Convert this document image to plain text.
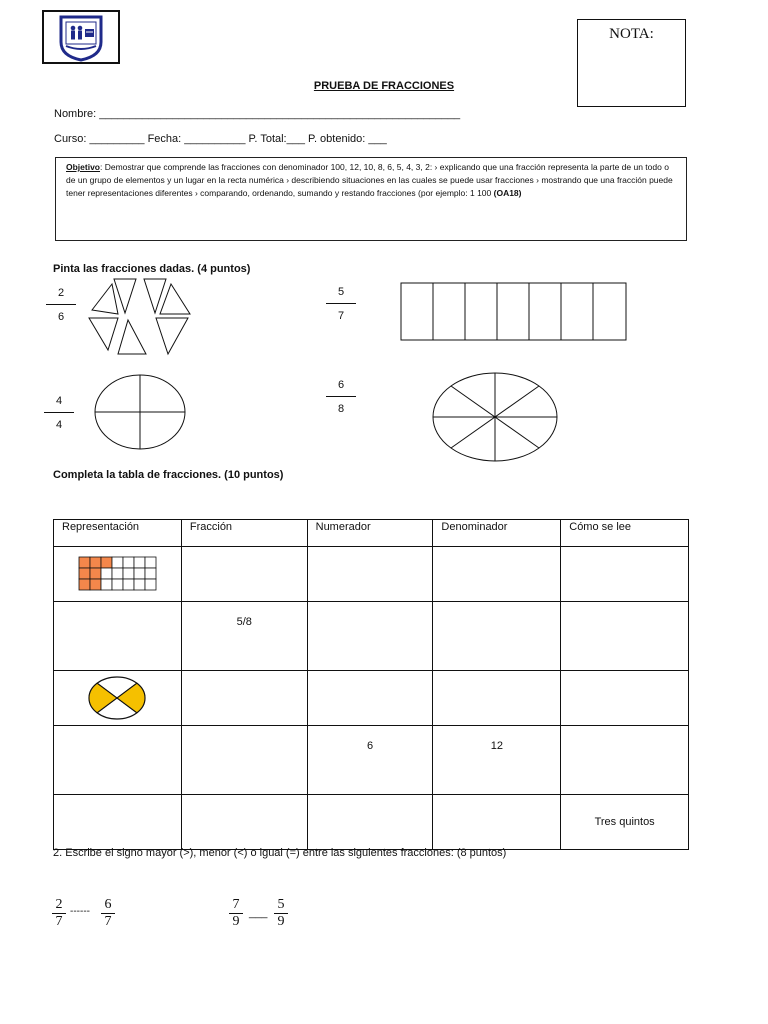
NOTA:
PRUEBA DE FRACCIONES
Nombre: ___________________________________________________________
Curso: _________ Fecha: __________ P. Total:___ P. obtenido: ___
Objetivo: Demostrar que comprende las fracciones con denominador 100, 12, 10, 8, 6, 5, 4, 3, 2: › explicando que una fracción representa la parte de un todo o de un grupo de elementos y un lugar en la recta numérica › describiendo situaciones en las cuales se puede usar fracciones › mostrando que una fracción puede tener representaciones diferentes › comparando, ordenando, sumando y restando fracciones (por ejemplo: 1 100 (OA18)
Pinta las fracciones dadas. (4 puntos)
2
6
5
7
4
4
6
8
Completa la tabla de fracciones. (10 puntos)
Representación	Fracción	Numerador	Denominador	Cómo se lee

	5/8			

		6	12	
				Tres quintos
2. Escribe el signo mayor (>), menor (<) o igual (=) entre las siguientes fracciones: (8 puntos)
2
7
------ 6
7
7
9
___
5
9
